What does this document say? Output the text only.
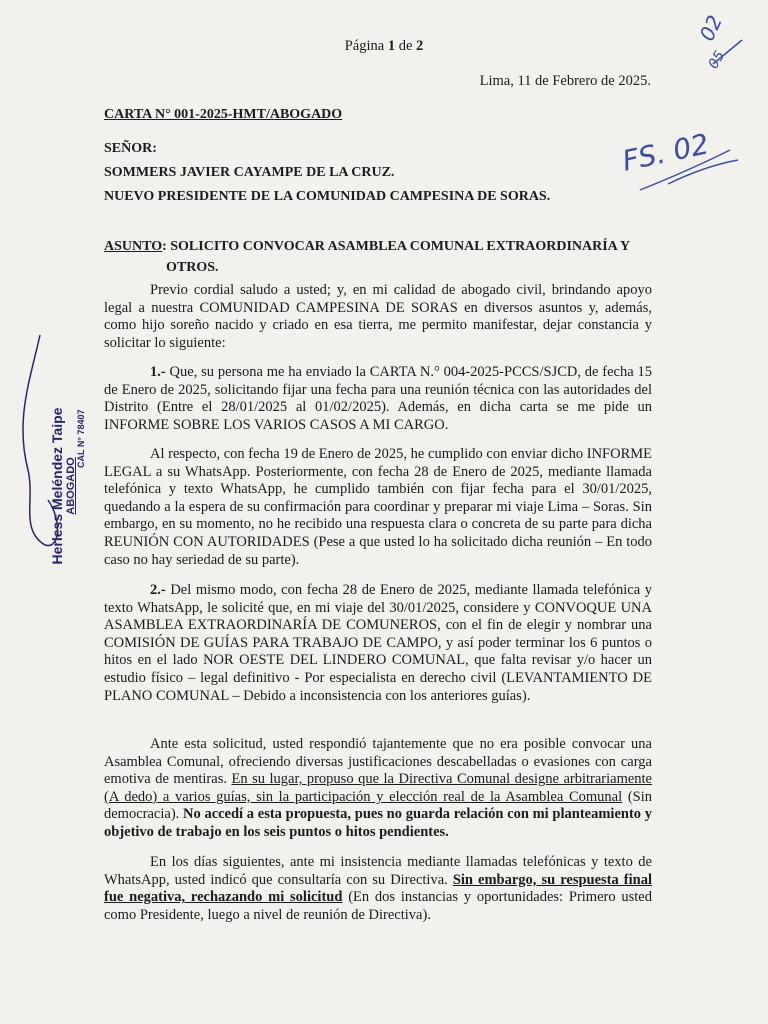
02
05
FS. 02
Página 1 de 2
Lima, 11 de Febrero de 2025.
CARTA N° 001-2025-HMT/ABOGADO
SEÑOR:
SOMMERS JAVIER CAYAMPE DE LA CRUZ.
NUEVO PRESIDENTE DE LA COMUNIDAD CAMPESINA DE SORAS.
ASUNTO: SOLICITO CONVOCAR ASAMBLEA COMUNAL EXTRAORDINARÍA Y
OTROS.
Previo cordial saludo a usted; y, en mi calidad de abogado civil, brindando apoyo legal a nuestra COMUNIDAD CAMPESINA DE SORAS en diversos asuntos y, además, como hijo soreño nacido y criado en esa tierra, me permito manifestar, dejar constancia y solicitar lo siguiente:
1.- Que, su persona me ha enviado la CARTA N.° 004-2025-PCCS/SJCD, de fecha 15 de Enero de 2025, solicitando fijar una fecha para una reunión técnica con las autoridades del Distrito (Entre el 28/01/2025 al 01/02/2025). Además, en dicha carta se me pide un INFORME SOBRE LOS VARIOS CASOS A MI CARGO.
Al respecto, con fecha 19 de Enero de 2025, he cumplido con enviar dicho INFORME LEGAL a su WhatsApp. Posteriormente, con fecha 28 de Enero de 2025, mediante llamada telefónica y texto WhatsApp, he cumplido también con fijar fecha para el 30/01/2025, quedando a la espera de su confirmación para coordinar y preparar mi viaje Lima – Soras. Sin embargo, en su momento, no he recibido una respuesta clara o concreta de su parte para dicha REUNIÓN CON AUTORIDADES (Pese a que usted lo ha solicitado dicha reunión – En todo caso no hay seriedad de su parte).
2.- Del mismo modo, con fecha 28 de Enero de 2025, mediante llamada telefónica y texto WhatsApp, le solicité que, en mi viaje del 30/01/2025, considere y CONVOQUE UNA ASAMBLEA EXTRAORDINARÍA DE COMUNEROS, con el fin de elegir y nombrar una COMISIÓN DE GUÍAS PARA TRABAJO DE CAMPO, y así poder terminar los 6 puntos o hitos en el lado NOR OESTE DEL LINDERO COMUNAL, que falta revisar y/o hacer un estudio físico – legal definitivo - Por especialista en derecho civil (LEVANTAMIENTO DE PLANO COMUNAL – Debido a inconsistencia con los anteriores guías).
Ante esta solicitud, usted respondió tajantemente que no era posible convocar una Asamblea Comunal, ofreciendo diversas justificaciones descabelladas o evasiones con carga emotiva de mentiras. En su lugar, propuso que la Directiva Comunal designe arbitrariamente (A dedo) a varios guías, sin la participación y elección real de la Asamblea Comunal (Sin democracia). No accedí a esta propuesta, pues no guarda relación con mi planteamiento y objetivo de trabajo en los seis puntos o hitos pendientes.
En los días siguientes, ante mi insistencia mediante llamadas telefónicas y texto de WhatsApp, usted indicó que consultaría con su Directiva. Sin embargo, su respuesta final fue negativa, rechazando mi solicitud (En dos instancias y oportunidades: Primero usted como Presidente, luego a nivel de reunión de Directiva).
Herless Meléndez Taipe ABOGADO
CAL N° 78407
